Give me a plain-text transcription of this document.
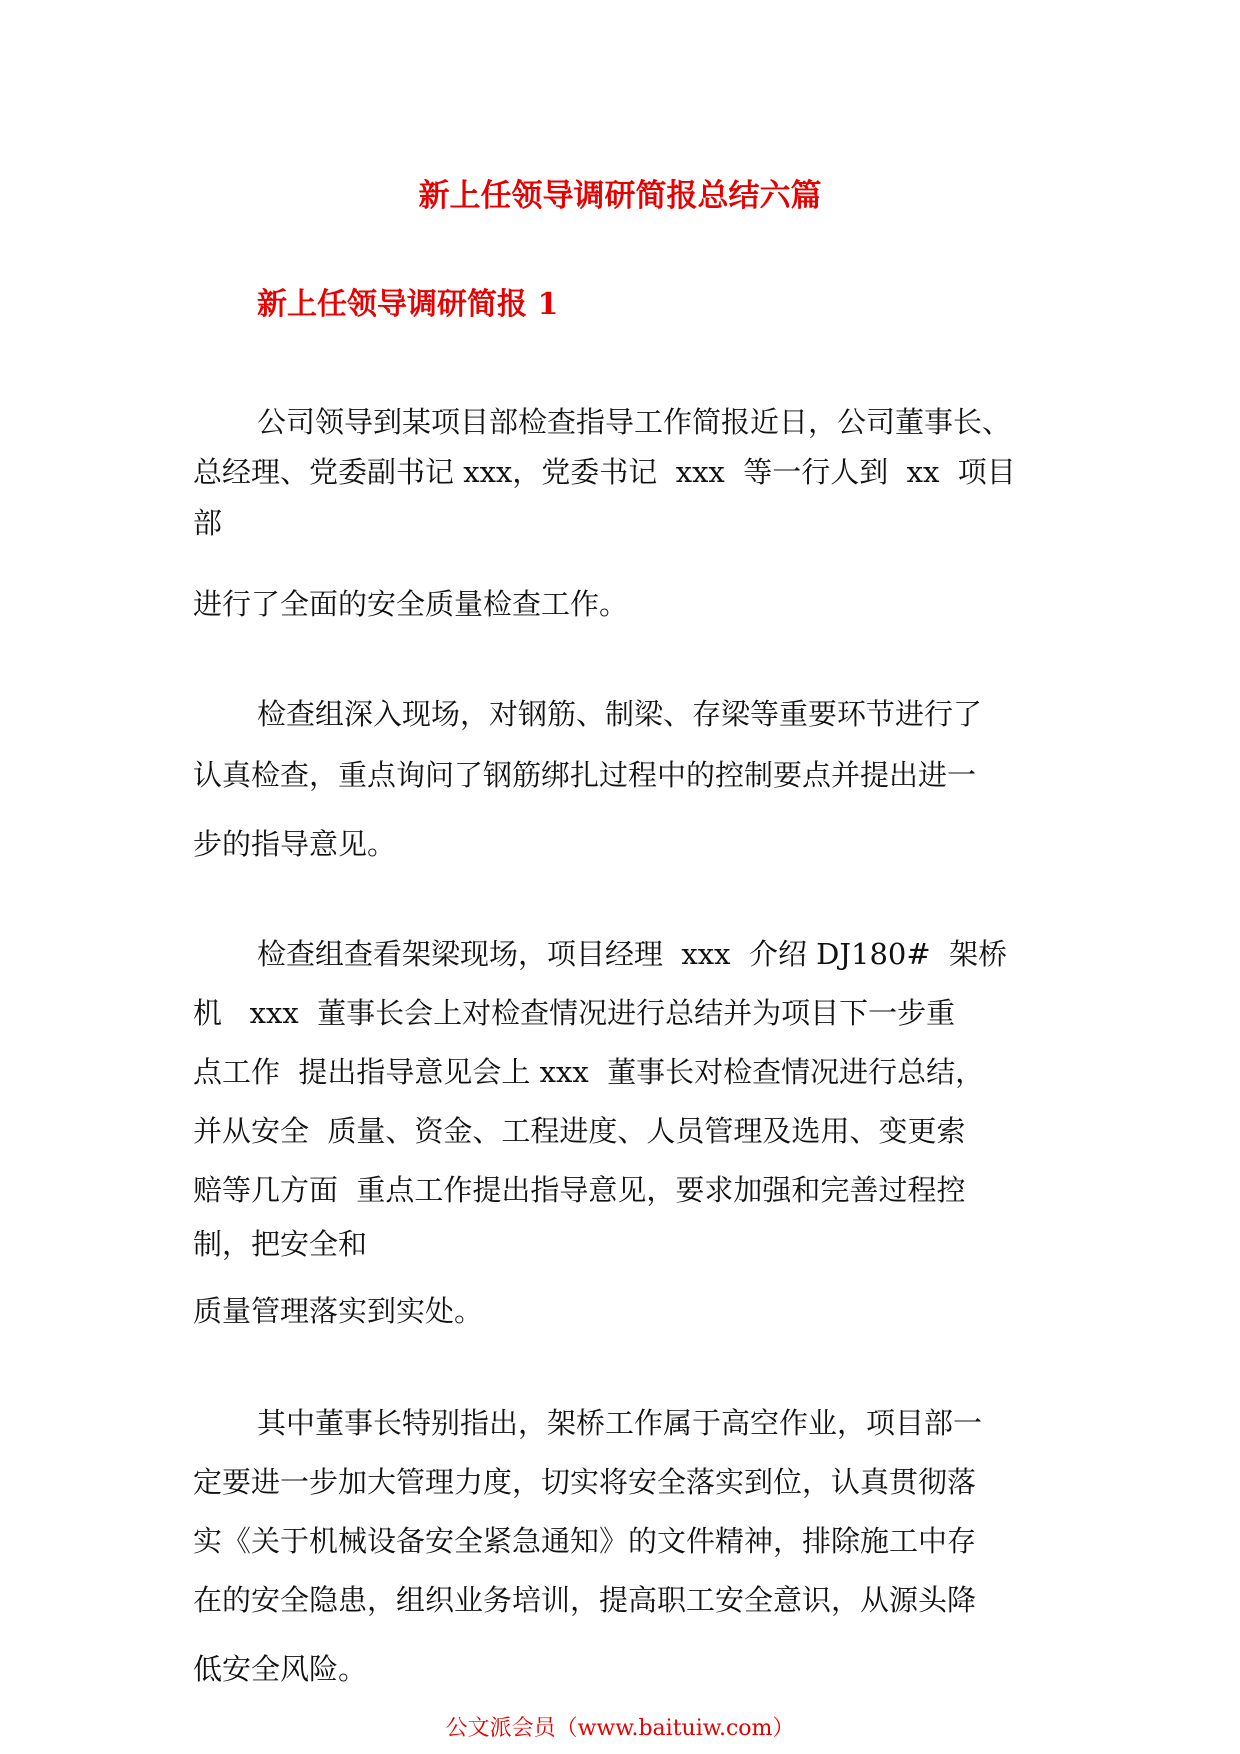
新上任领导调研简报总结六篇
新上任领导调研简报 1
公司领导到某项目部检查指导工作简报近日，公司董事长、
总经理、党委副书记 xxx，党委书记  xxx  等一行人到  xx  项目
部
进行了全面的安全质量检查工作。
检查组深入现场，对钢筋、制梁、存梁等重要环节进行了
认真检查，重点询问了钢筋绑扎过程中的控制要点并提出进一
步的指导意见。
检查组查看架梁现场，项目经理  xxx  介绍 DJ180#  架桥
机   xxx  董事长会上对检查情况进行总结并为项目下一步重
点工作  提出指导意见会上 xxx  董事长对检查情况进行总结，
并从安全  质量、资金、工程进度、人员管理及选用、变更索
赔等几方面  重点工作提出指导意见，要求加强和完善过程控
制，把安全和
质量管理落实到实处。
其中董事长特别指出，架桥工作属于高空作业，项目部一
定要进一步加大管理力度，切实将安全落实到位，认真贯彻落
实《关于机械设备安全紧急通知》的文件精神，排除施工中存
在的安全隐患，组织业务培训，提高职工安全意识，从源头降
低安全风险。
公文派会员（www.baituiw.com）
